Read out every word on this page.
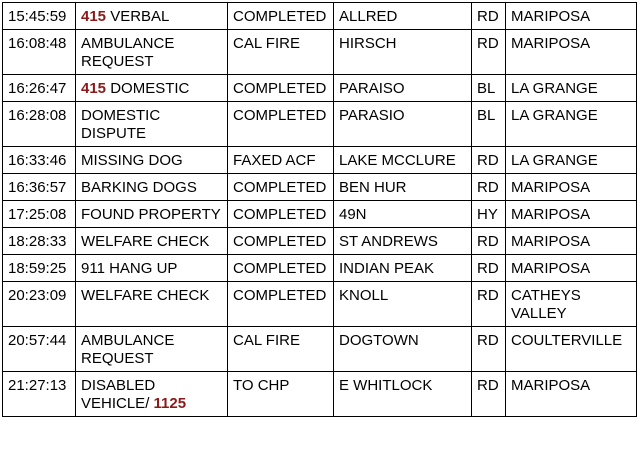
15:45:59	415 VERBAL	COMPLETED	ALLRED	RD	MARIPOSA
16:08:48	AMBULANCE REQUEST	CAL FIRE	HIRSCH	RD	MARIPOSA
16:26:47	415 DOMESTIC	COMPLETED	PARAISO	BL	LA GRANGE
16:28:08	DOMESTIC DISPUTE	COMPLETED	PARASIO	BL	LA GRANGE
16:33:46	MISSING DOG	FAXED ACF	LAKE MCCLURE	RD	LA GRANGE
16:36:57	BARKING DOGS	COMPLETED	BEN HUR	RD	MARIPOSA
17:25:08	FOUND PROPERTY	COMPLETED	49N	HY	MARIPOSA
18:28:33	WELFARE CHECK	COMPLETED	ST ANDREWS	RD	MARIPOSA
18:59:25	911 HANG UP	COMPLETED	INDIAN PEAK	RD	MARIPOSA
20:23:09	WELFARE CHECK	COMPLETED	KNOLL	RD	CATHEYS VALLEY
20:57:44	AMBULANCE REQUEST	CAL FIRE	DOGTOWN	RD	COULTERVILLE
21:27:13	DISABLED VEHICLE/ 1125	TO CHP	E WHITLOCK	RD	MARIPOSA
